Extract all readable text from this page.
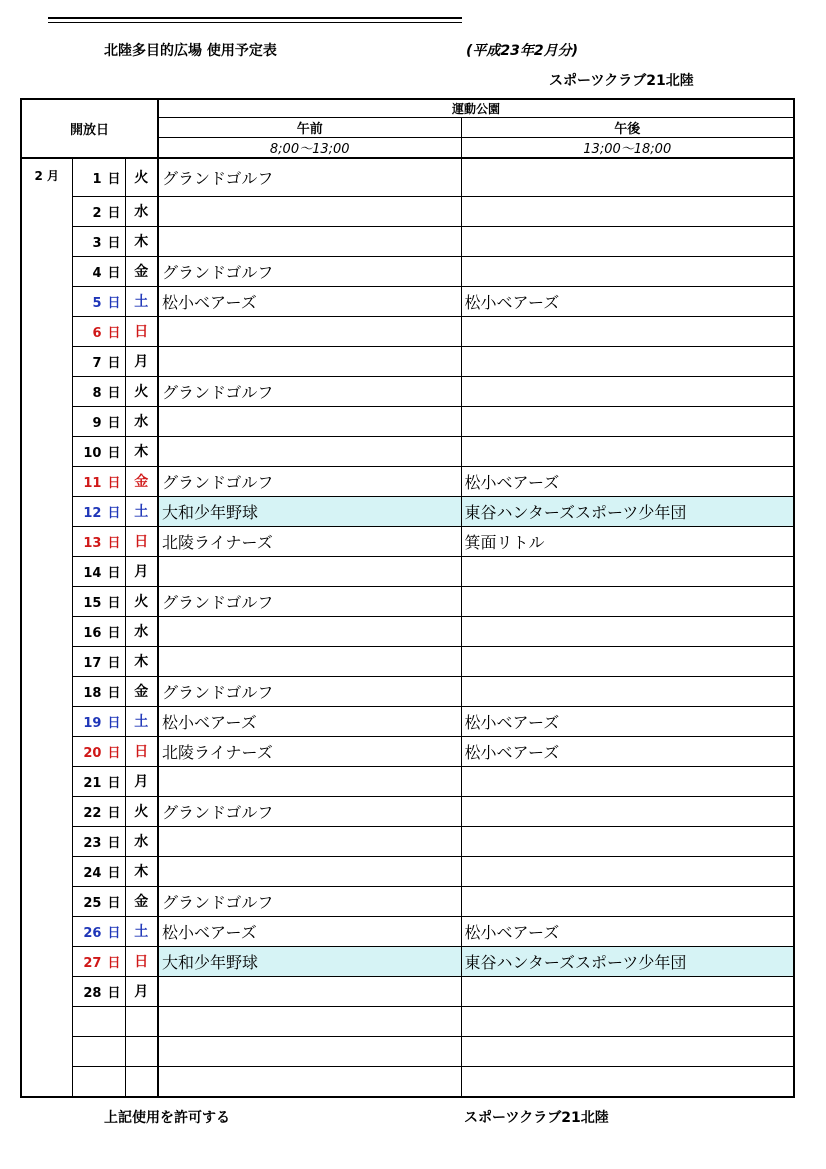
北陸多目的広場 使用予定表	(平成23年2月分)
スポーツクラブ21北陸
開放日			運動公園	
			午前	午後
			8;00～13;00	13;00～18;00
2 月	1 日	火	グランドゴルフ	
	2 日	水		
	3 日	木		
	4 日	金	グランドゴルフ	
	5 日	土	松小ベアーズ	松小ベアーズ
	6 日	日		
	7 日	月		
	8 日	火	グランドゴルフ	
	9 日	水		
	10 日	木		
	11 日	金	グランドゴルフ	松小ベアーズ
	12 日	土	大和少年野球	東谷ハンターズスポーツ少年団
	13 日	日	北陵ライナーズ	箕面リトル
	14 日	月		
	15 日	火	グランドゴルフ	
	16 日	水		
	17 日	木		
	18 日	金	グランドゴルフ	
	19 日	土	松小ベアーズ	松小ベアーズ
	20 日	日	北陵ライナーズ	松小ベアーズ
	21 日	月		
	22 日	火	グランドゴルフ	
	23 日	水		
	24 日	木		
	25 日	金	グランドゴルフ	
	26 日	土	松小ベアーズ	松小ベアーズ
	27 日	日	大和少年野球	東谷ハンターズスポーツ少年団
	28 日	月		

上記使用を許可する	スポーツクラブ21北陸
